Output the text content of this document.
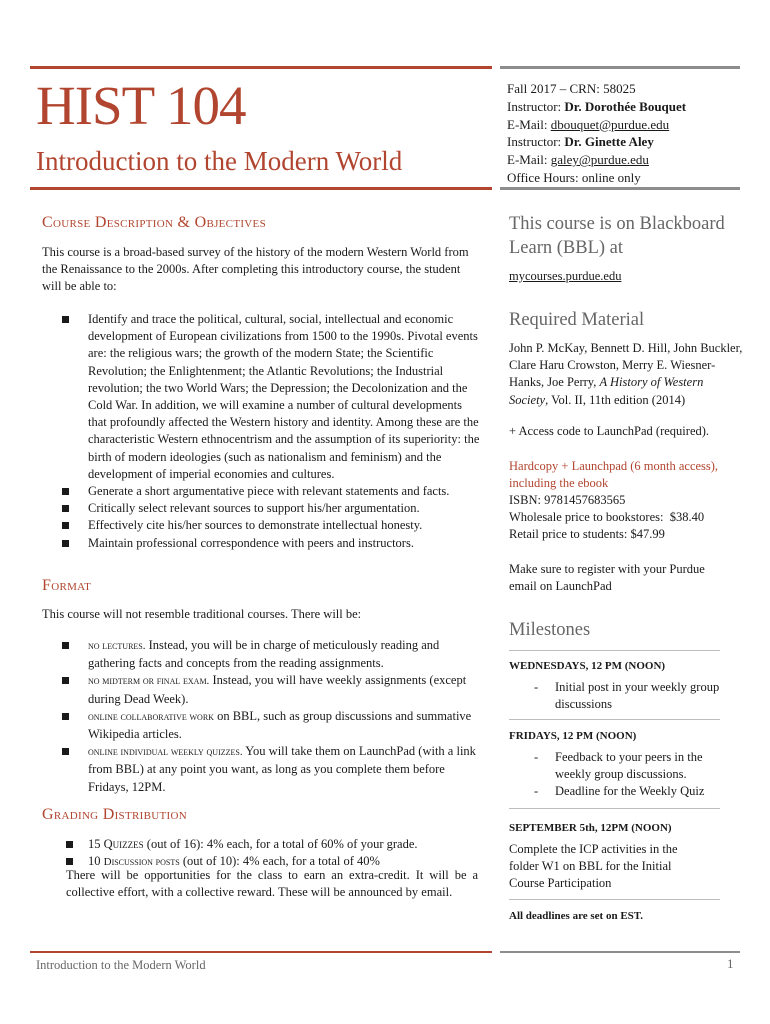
HIST 104
Introduction to the Modern World
Fall 2017 – CRN: 58025
Instructor: Dr. Dorothée Bouquet
E-Mail: dbouquet@purdue.edu
Instructor: Dr. Ginette Aley
E-Mail: galey@purdue.edu
Office Hours: online only
Course Description & Objectives
This course is a broad-based survey of the history of the modern Western World from the Renaissance to the 2000s. After completing this introductory course, the student will be able to:
Identify and trace the political, cultural, social, intellectual and economic development of European civilizations from 1500 to the 1990s. Pivotal events are: the religious wars; the growth of the modern State; the Scientific Revolution; the Enlightenment; the Atlantic Revolutions; the Industrial revolution; the two World Wars; the Depression; the Decolonization and the Cold War. In addition, we will examine a number of cultural developments that profoundly affected the Western history and identity. Among these are the characteristic Western ethnocentrism and the assumption of its superiority: the birth of modern ideologies (such as nationalism and feminism) and the development of imperial economies and cultures.
Generate a short argumentative piece with relevant statements and facts.
Critically select relevant sources to support his/her argumentation.
Effectively cite his/her sources to demonstrate intellectual honesty.
Maintain professional correspondence with peers and instructors.
Format
This course will not resemble traditional courses. There will be:
no lectures. Instead, you will be in charge of meticulously reading and gathering facts and concepts from the reading assignments.
no midterm or final exam. Instead, you will have weekly assignments (except during Dead Week).
online collaborative work on BBL, such as group discussions and summative Wikipedia articles.
online individual weekly quizzes. You will take them on LaunchPad (with a link from BBL) at any point you want, as long as you complete them before Fridays, 12PM.
Grading Distribution
15 Quizzes (out of 16): 4% each, for a total of 60% of your grade.
10 Discussion posts (out of 10): 4% each, for a total of 40%
There will be opportunities for the class to earn an extra-credit. It will be a collective effort, with a collective reward. These will be announced by email.
This course is on Blackboard Learn (BBL) at
mycourses.purdue.edu
Required Material
John P. McKay, Bennett D. Hill, John Buckler, Clare Haru Crowston, Merry E. Wiesner-Hanks, Joe Perry, A History of Western Society, Vol. II, 11th edition (2014)
+ Access code to LaunchPad (required).
Hardcopy + Launchpad (6 month access), including the ebook
ISBN: 9781457683565
Wholesale price to bookstores:  $38.40
Retail price to students: $47.99
Make sure to register with your Purdue email on LaunchPad
Milestones
WEDNESDAYS, 12 PM (NOON)
- Initial post in your weekly group discussions
FRIDAYS, 12 PM (NOON)
- Feedback to your peers in the weekly group discussions.
- Deadline for the Weekly Quiz
SEPTEMBER 5th, 12PM (NOON)
Complete the ICP activities in the folder W1 on BBL for the Initial Course Participation
All deadlines are set on EST.
Introduction to the Modern World	1
